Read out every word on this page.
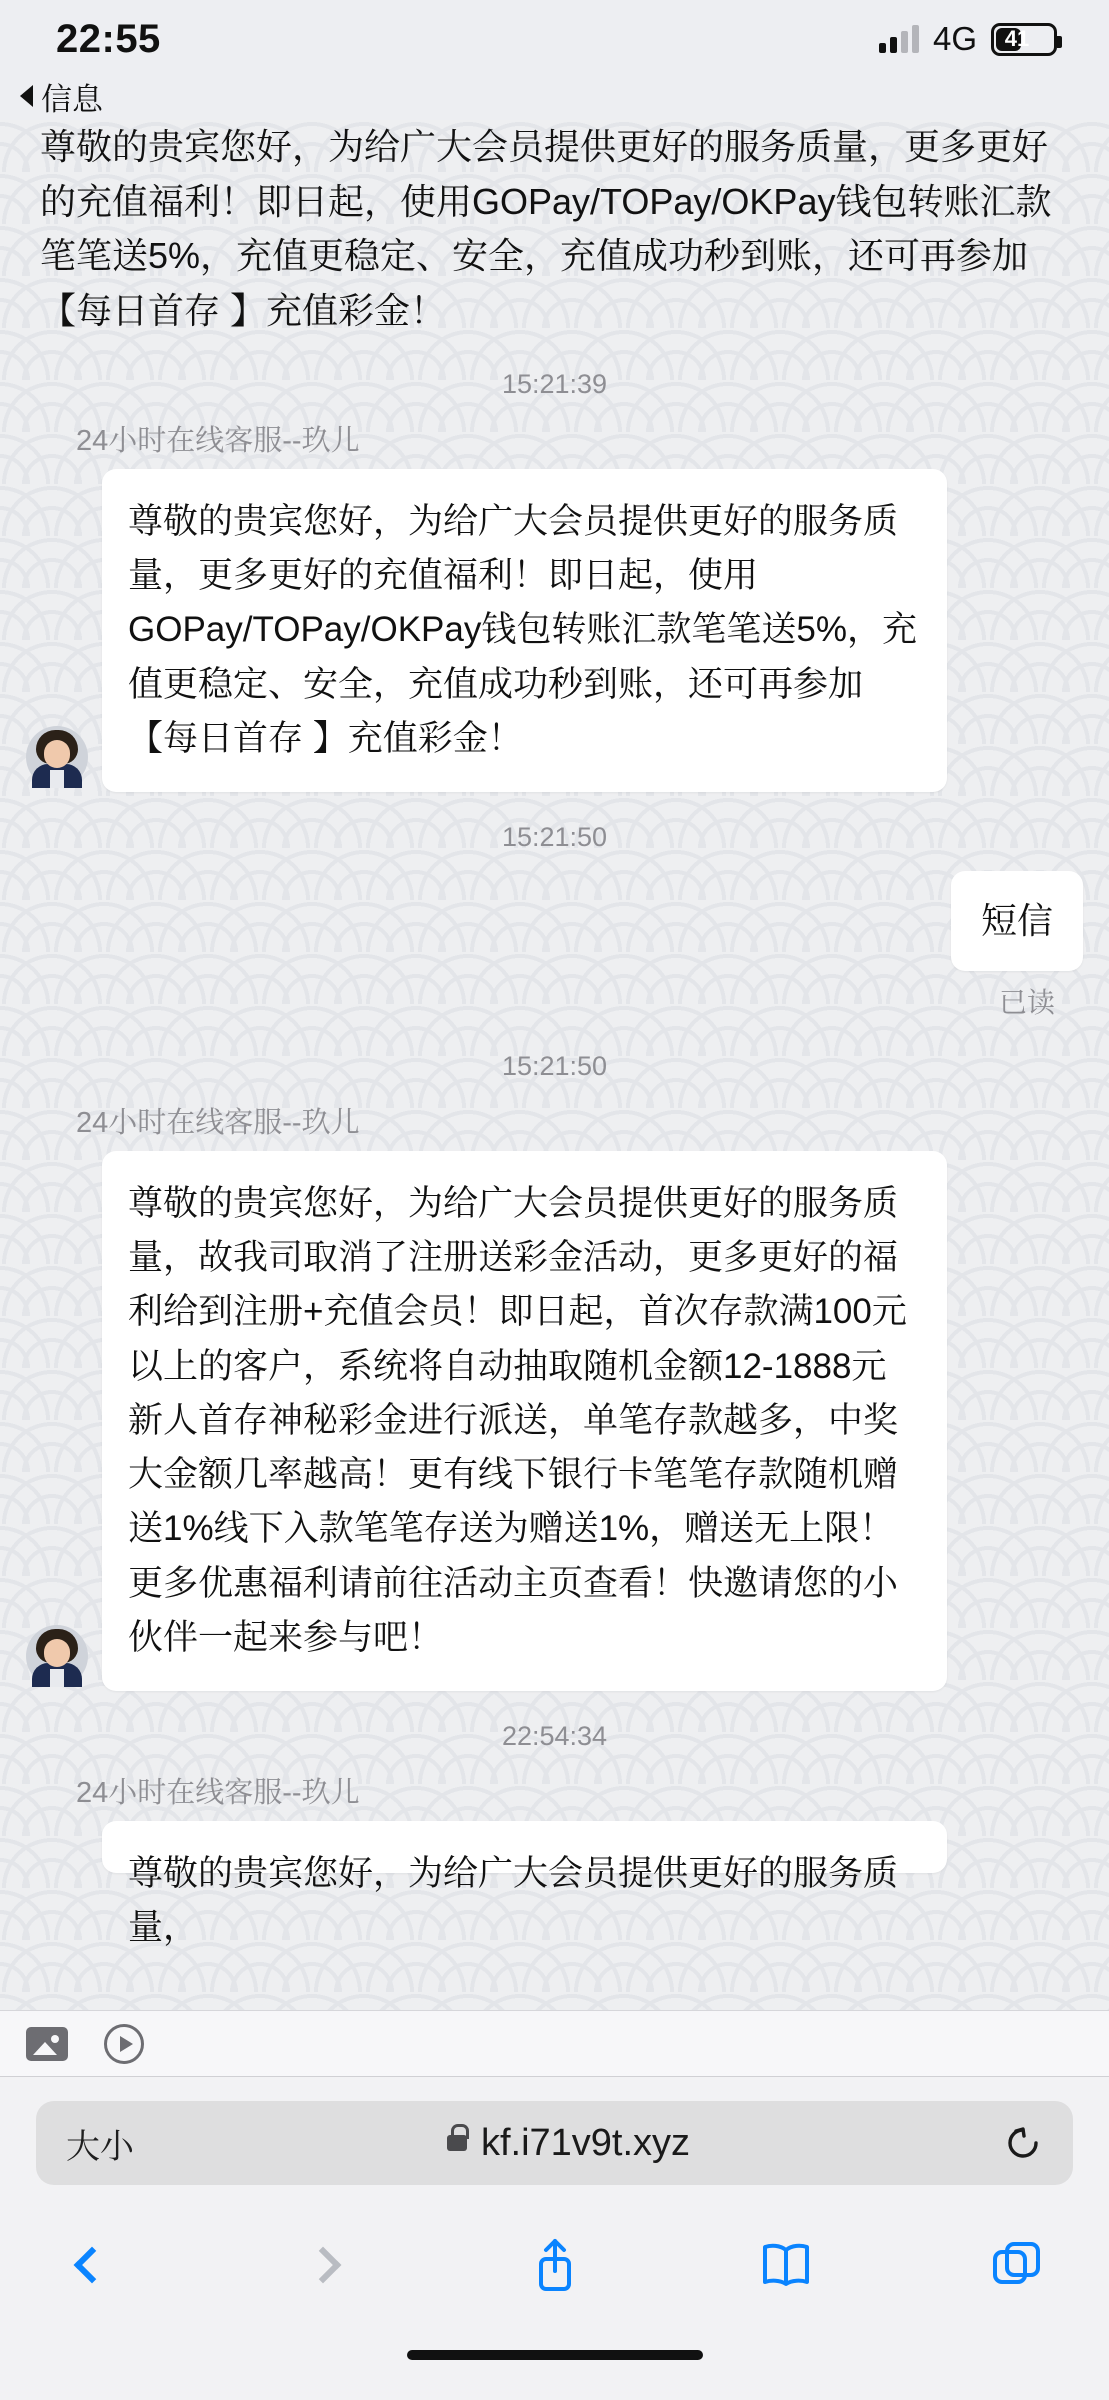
22:55	4G 41
信息
尊敬的贵宾您好，为给广大会员提供更好的服务质量，更多更好的充值福利！即日起，使用GOPay/TOPay/OKPay钱包转账汇款笔笔送5%，充值更稳定、安全，充值成功秒到账，还可再参加【每日首存 】充值彩金！
15:21:39
24小时在线客服--玖儿
尊敬的贵宾您好，为给广大会员提供更好的服务质量，更多更好的充值福利！即日起，使用GOPay/TOPay/OKPay钱包转账汇款笔笔送5%，充值更稳定、安全，充值成功秒到账，还可再参加【每日首存 】充值彩金！
15:21:50
短信
已读
15:21:50
24小时在线客服--玖儿
尊敬的贵宾您好，为给广大会员提供更好的服务质量，故我司取消了注册送彩金活动，更多更好的福利给到注册+充值会员！即日起，首次存款满100元以上的客户，系统将自动抽取随机金额12-1888元新人首存神秘彩金进行派送，单笔存款越多，中奖大金额几率越高！更有线下银行卡笔笔存款随机赠送1%线下入款笔笔存送为赠送1%，赠送无上限！更多优惠福利请前往活动主页查看！快邀请您的小伙伴一起来参与吧！
22:54:34
24小时在线客服--玖儿
尊敬的贵宾您好，为给广大会员提供更好的服务质量，
大小	kf.i71v9t.xyz
